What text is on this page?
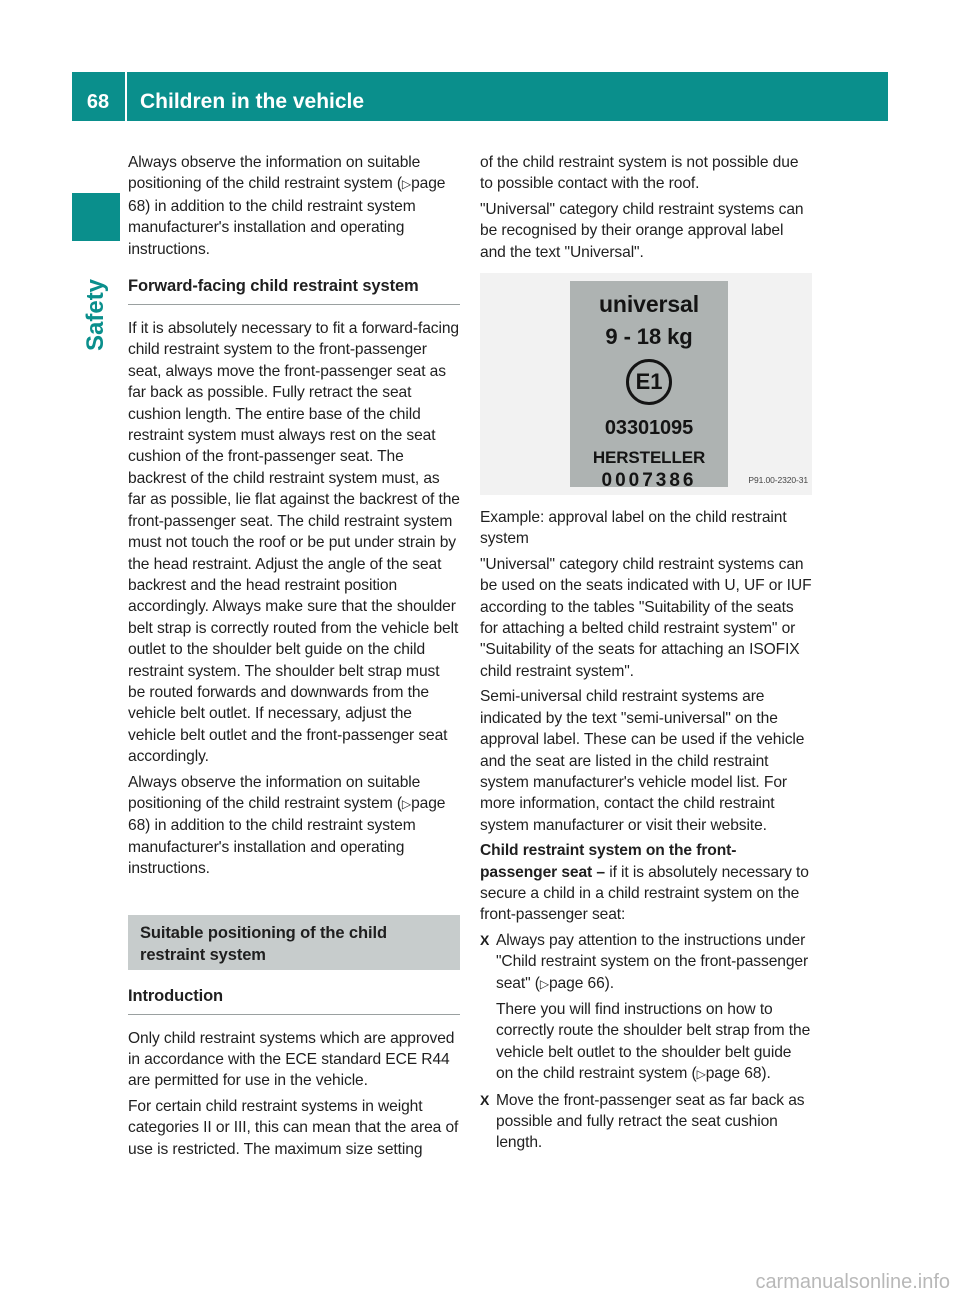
68	Children in the vehicle
Safety

Always observe the information on suitable positioning of the child restraint system (▷page 68) in addition to the child restraint system manufacturer's installation and operating instructions.

Forward-facing child restraint system

If it is absolutely necessary to fit a forward-facing child restraint system to the front-passenger seat, always move the front-passenger seat as far back as possible. Fully retract the seat cushion length. The entire base of the child restraint system must always rest on the seat cushion of the front-passenger seat. The backrest of the child restraint system must, as far as possible, lie flat against the backrest of the front-passenger seat. The child restraint system must not touch the roof or be put under strain by the head restraint. Adjust the angle of the seat backrest and the head restraint position accordingly. Always make sure that the shoulder belt strap is correctly routed from the vehicle belt outlet to the shoulder belt guide on the child restraint system. The shoulder belt strap must be routed forwards and downwards from the vehicle belt outlet. If necessary, adjust the vehicle belt outlet and the front-passenger seat accordingly.

Always observe the information on suitable positioning of the child restraint system (▷page 68) in addition to the child restraint system manufacturer's installation and operating instructions.

Suitable positioning of the child restraint system
Introduction

Only child restraint systems which are approved in accordance with the ECE standard ECE R44 are permitted for use in the vehicle.

For certain child restraint systems in weight categories II or III, this can mean that the area of use is restricted. The maximum size setting

of the child restraint system is not possible due to possible contact with the roof.

"Universal" category child restraint systems can be recognised by their orange approval label and the text "Universal".

universal
9 - 18 kg
E1
03301095
HERSTELLER
0007386	P91.00-2320-31

Example: approval label on the child restraint system

"Universal" category child restraint systems can be used on the seats indicated with U, UF or IUF according to the tables "Suitability of the seats for attaching a belted child restraint system" or "Suitability of the seats for attaching an ISOFIX child restraint system".

Semi-universal child restraint systems are indicated by the text "semi-universal" on the approval label. These can be used if the vehicle and the seat are listed in the child restraint system manufacturer's vehicle model list. For more information, contact the child restraint system manufacturer or visit their website.

Child restraint system on the front-passenger seat – if it is absolutely necessary to secure a child in a child restraint system on the front-passenger seat:

X Always pay attention to the instructions under "Child restraint system on the front-passenger seat" (▷page 66).
There you will find instructions on how to correctly route the shoulder belt strap from the vehicle belt outlet to the shoulder belt guide on the child restraint system (▷page 68).
X Move the front-passenger seat as far back as possible and fully retract the seat cushion length.
carmanualsonline.info
